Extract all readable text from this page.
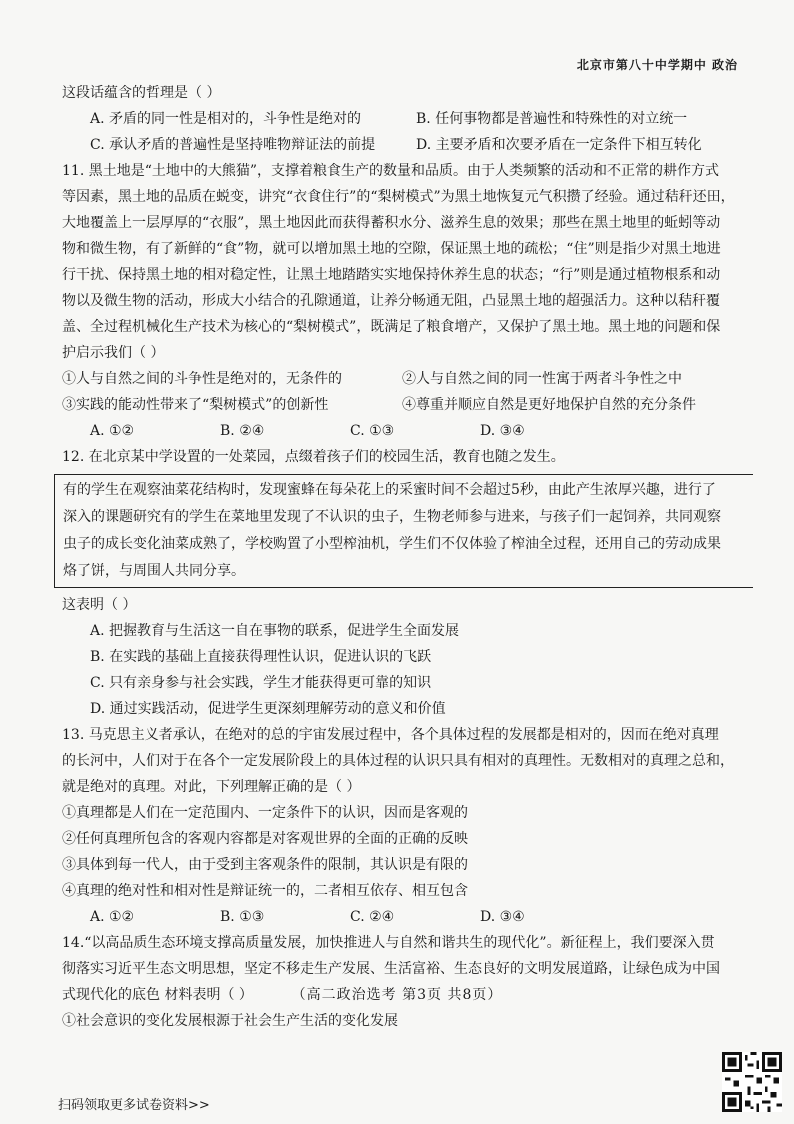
北京市第八十中学期中 政治
这段话蕴含的哲理是（ ）
A. 矛盾的同一性是相对的，斗争性是绝对的	B. 任何事物都是普遍性和特殊性的对立统一
C. 承认矛盾的普遍性是坚持唯物辩证法的前提	D. 主要矛盾和次要矛盾在一定条件下相互转化
11. 黑土地是“土地中的大熊猫”，支撑着粮食生产的数量和品质。由于人类频繁的活动和不正常的耕作方式
等因素，黑土地的品质在蜕变，讲究“衣食住行”的“梨树模式”为黑土地恢复元气积攒了经验。通过秸秆还田，
大地覆盖上一层厚厚的“衣服”，黑土地因此而获得蓄积水分、滋养生息的效果；那些在黑土地里的蚯蚓等动
物和微生物，有了新鲜的“食”物，就可以增加黑土地的空隙，保证黑土地的疏松；“住”则是指少对黑土地进
行干扰、保持黑土地的相对稳定性，让黑土地踏踏实实地保持休养生息的状态；“行”则是通过植物根系和动
物以及微生物的活动，形成大小结合的孔隙通道，让养分畅通无阻，凸显黑土地的超强活力。这种以秸秆覆
盖、全过程机械化生产技术为核心的“梨树模式”，既满足了粮食增产，又保护了黑土地。黑土地的问题和保
护启示我们（ ）
①人与自然之间的斗争性是绝对的，无条件的	②人与自然之间的同一性寓于两者斗争性之中
③实践的能动性带来了“梨树模式”的创新性	④尊重并顺应自然是更好地保护自然的充分条件
A. ①②	B. ②④	C. ①③	D. ③④
12. 在北京某中学设置的一处菜园，点缀着孩子们的校园生活，教育也随之发生。
有的学生在观察油菜花结构时，发现蜜蜂在每朵花上的采蜜时间不会超过5秒，由此产生浓厚兴趣，进行了
深入的课题研究有的学生在菜地里发现了不认识的虫子，生物老师参与进来，与孩子们一起饲养，共同观察
虫子的成长变化油菜成熟了，学校购置了小型榨油机，学生们不仅体验了榨油全过程，还用自己的劳动成果
烙了饼，与周围人共同分享。
这表明（ ）
A. 把握教育与生活这一自在事物的联系，促进学生全面发展
B. 在实践的基础上直接获得理性认识，促进认识的飞跃
C. 只有亲身参与社会实践，学生才能获得更可靠的知识
D. 通过实践活动，促进学生更深刻理解劳动的意义和价值
13. 马克思主义者承认，在绝对的总的宇宙发展过程中，各个具体过程的发展都是相对的，因而在绝对真理
的长河中，人们对于在各个一定发展阶段上的具体过程的认识只具有相对的真理性。无数相对的真理之总和，
就是绝对的真理。对此，下列理解正确的是（ ）
①真理都是人们在一定范围内、一定条件下的认识，因而是客观的
②任何真理所包含的客观内容都是对客观世界的全面的正确的反映
③具体到每一代人，由于受到主客观条件的限制，其认识是有限的
④真理的绝对性和相对性是辩证统一的，二者相互依存、相互包含
A. ①②	B. ①③	C. ②④	D. ③④
14.“以高品质生态环境支撑高质量发展，加快推进人与自然和谐共生的现代化”。新征程上，我们要深入贯
彻落实习近平生态文明思想，坚定不移走生产发展、生活富裕、生态良好的文明发展道路，让绿色成为中国
式现代化的底色 材料表明（ ）
①社会意识的变化发展根源于社会生产生活的变化发展
（高二政治选考 第3页 共8页）
扫码领取更多试卷资料>>
